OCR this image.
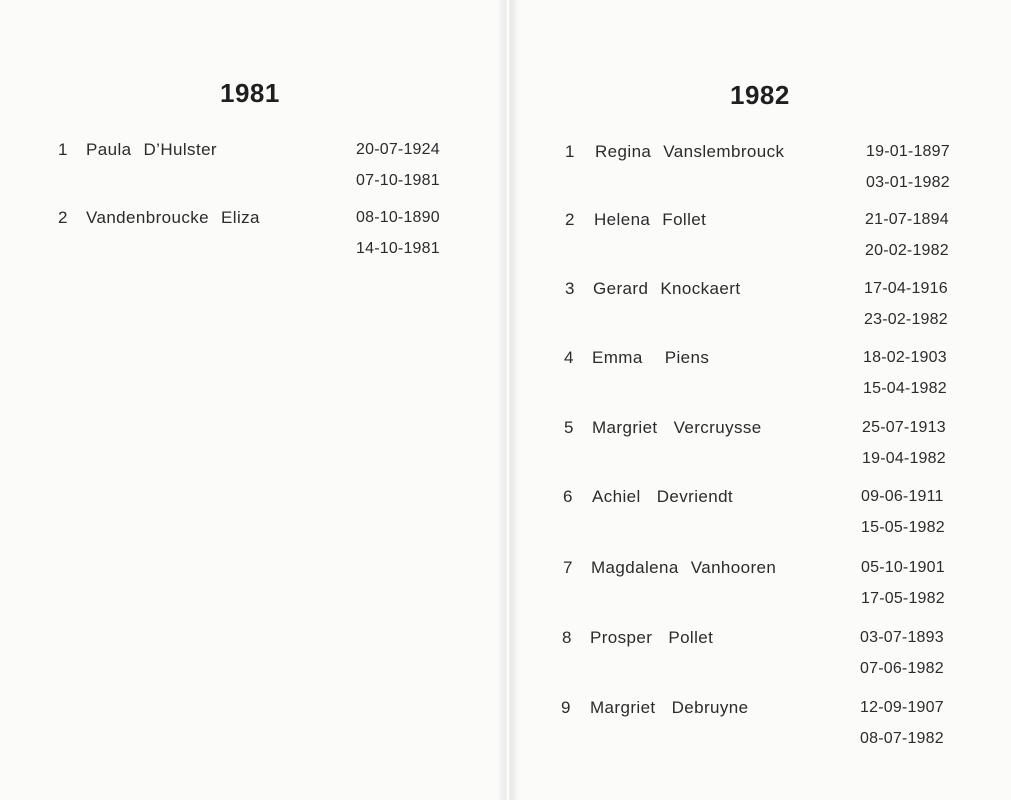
1981
1 Paula D’Hulster	20-07-1924
07-10-1981
2 Vandenbroucke Eliza	08-10-1890
14-10-1981
1982
1 Regina Vanslembrouck	19-01-1897
03-01-1982
2 Helena Follet	21-07-1894
20-02-1982
3 Gerard Knockaert	17-04-1916
23-02-1982
4 Emma Piens	18-02-1903
15-04-1982
5 Margriet Vercruysse	25-07-1913
19-04-1982
6 Achiel Devriendt	09-06-1911
15-05-1982
7 Magdalena Vanhooren	05-10-1901
17-05-1982
8 Prosper Pollet	03-07-1893
07-06-1982
9 Margriet Debruyne	12-09-1907
08-07-1982
